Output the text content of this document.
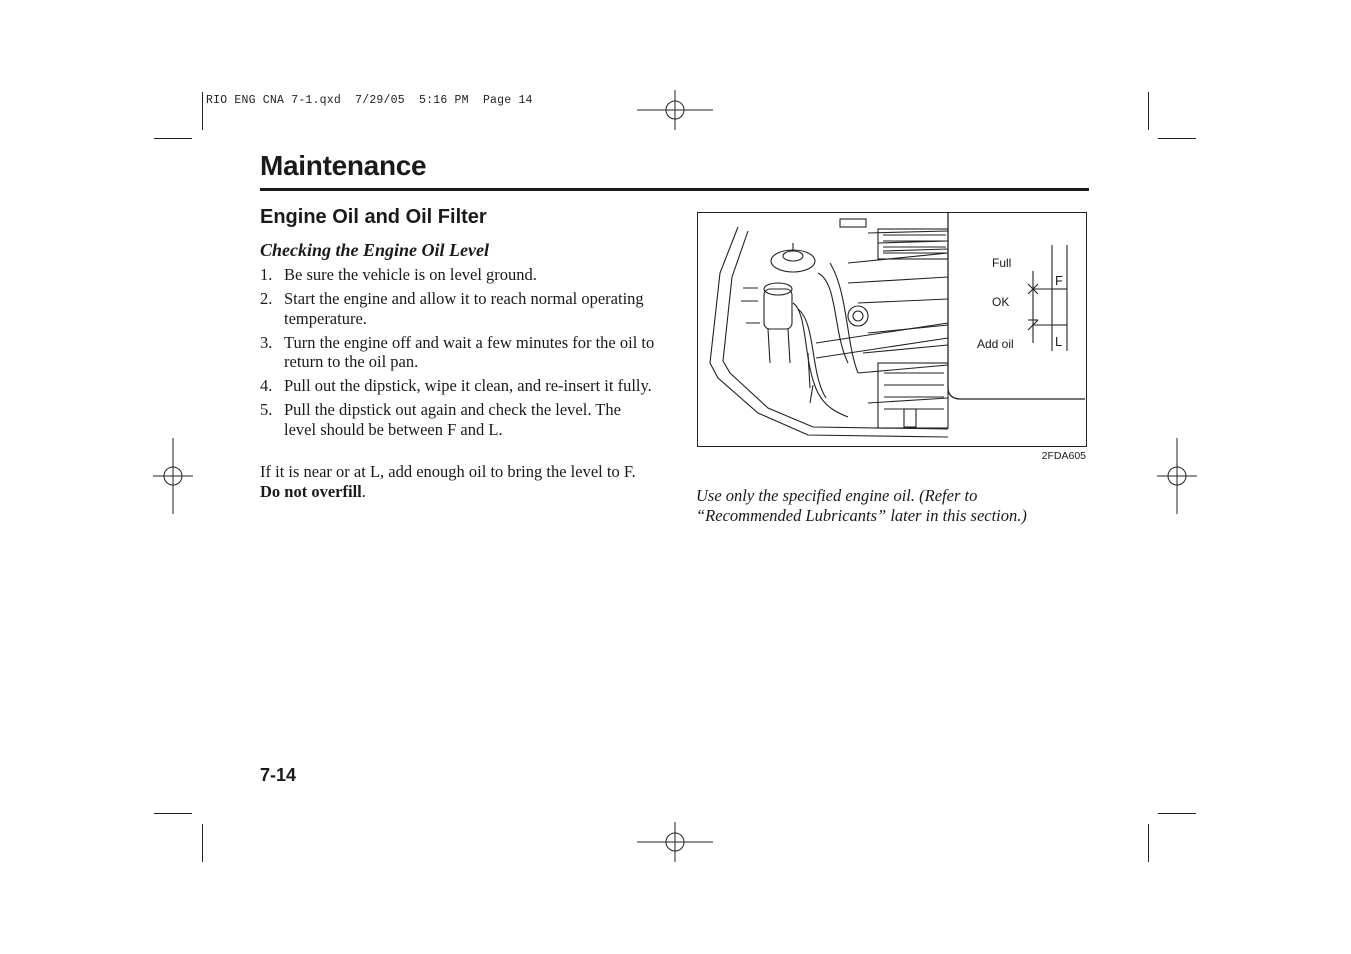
RIO ENG CNA 7-1.qxd  7/29/05  5:16 PM  Page 14
Maintenance
Engine Oil and Oil Filter
Checking the Engine Oil Level
1. Be sure the vehicle is on level ground.
2. Start the engine and allow it to reach normal operating temperature.
3. Turn the engine off and wait a few minutes for the oil to return to the oil pan.
4. Pull out the dipstick, wipe it clean, and re-insert it fully.
5. Pull the dipstick out again and check the level. The level should be between F and L.
If it is near or at L, add enough oil to bring the level to F. Do not overfill.
Full
OK
Add oil
F
L
2FDA605
Use only the specified engine oil. (Refer to “Recommended Lubricants” later in this section.)
7-14
